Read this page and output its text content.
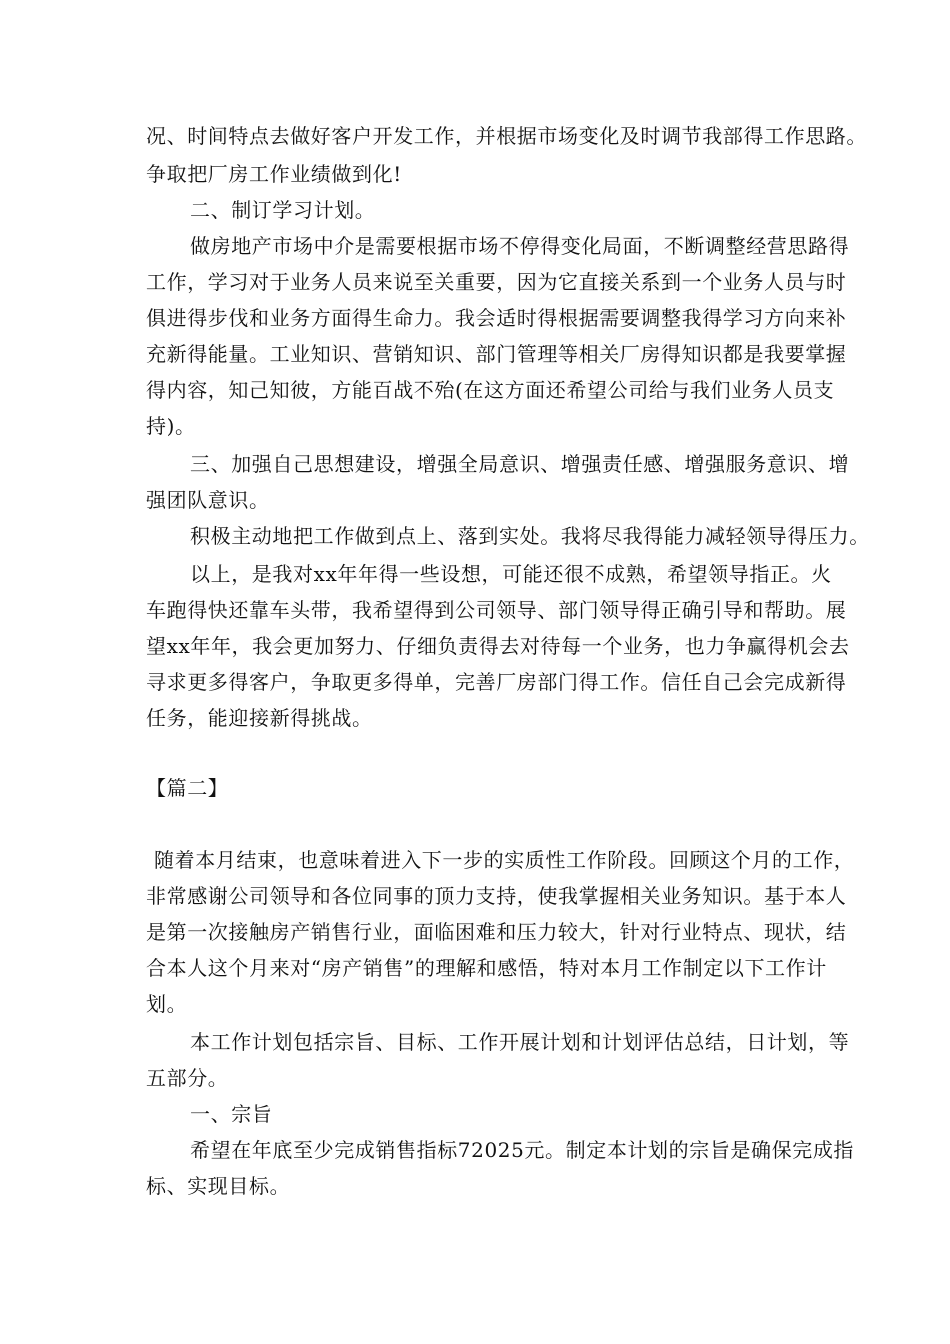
况、时间特点去做好客户开发工作，并根据市场变化及时调节我部得工作思路。
争取把厂房工作业绩做到化!
二、制订学习计划。
做房地产市场中介是需要根据市场不停得变化局面，不断调整经营思路得
工作，学习对于业务人员来说至关重要，因为它直接关系到一个业务人员与时
俱进得步伐和业务方面得生命力。我会适时得根据需要调整我得学习方向来补
充新得能量。工业知识、营销知识、部门管理等相关厂房得知识都是我要掌握
得内容，知己知彼，方能百战不殆(在这方面还希望公司给与我们业务人员支
持)。
三、加强自己思想建设，增强全局意识、增强责任感、增强服务意识、增
强团队意识。
积极主动地把工作做到点上、落到实处。我将尽我得能力减轻领导得压力。
以上，是我对xx年年得一些设想，可能还很不成熟，希望领导指正。火
车跑得快还靠车头带，我希望得到公司领导、部门领导得正确引导和帮助。展
望xx年年，我会更加努力、仔细负责得去对待每一个业务，也力争赢得机会去
寻求更多得客户，争取更多得单，完善厂房部门得工作。信任自己会完成新得
任务，能迎接新得挑战。
【篇二】
随着本月结束，也意味着进入下一步的实质性工作阶段。回顾这个月的工作，
非常感谢公司领导和各位同事的顶力支持，使我掌握相关业务知识。基于本人
是第一次接触房产销售行业，面临困难和压力较大，针对行业特点、现状，结
合本人这个月来对“房产销售”的理解和感悟，特对本月工作制定以下工作计
划。
本工作计划包括宗旨、目标、工作开展计划和计划评估总结，日计划，等
五部分。
一、宗旨
希望在年底至少完成销售指标72025元。制定本计划的宗旨是确保完成指
标、实现目标。
